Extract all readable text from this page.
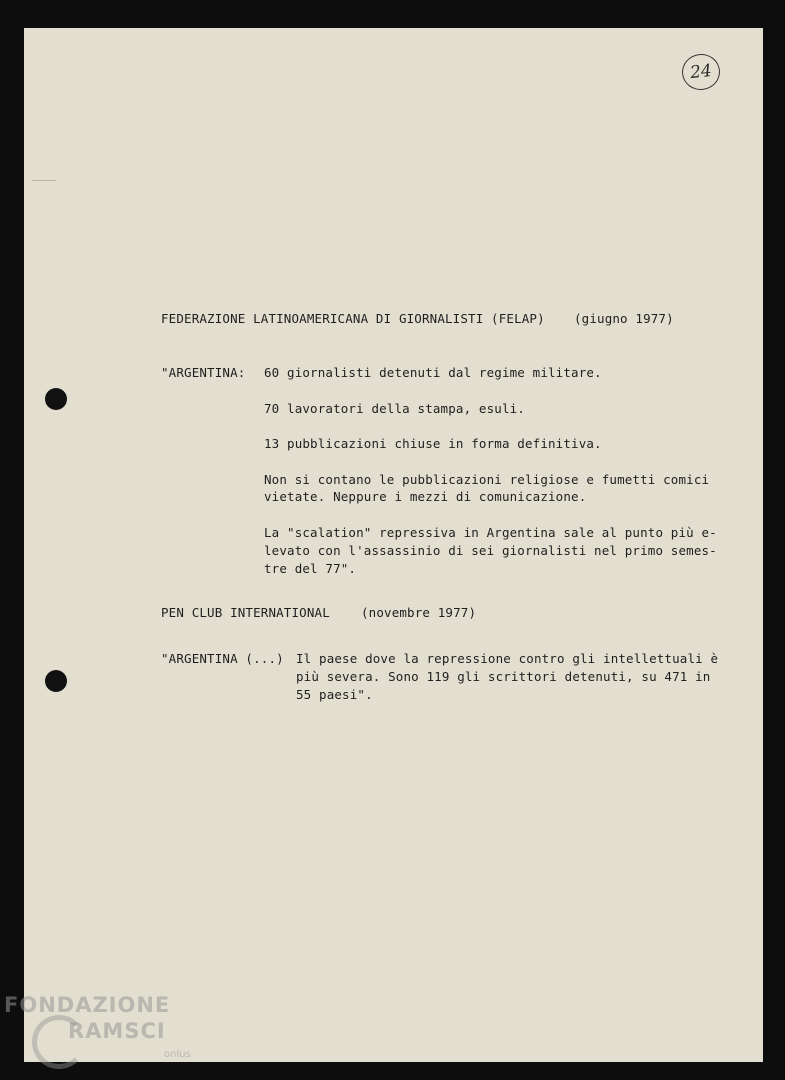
24
FEDERAZIONE LATINOAMERICANA DI GIORNALISTI (FELAP) (giugno 1977)
"ARGENTINA: 60 giornalisti detenuti dal regime militare.
70 lavoratori della stampa, esuli.
13 pubblicazioni chiuse in forma definitiva.
Non si contano le pubblicazioni religiose e fumetti comici
vietate. Neppure i mezzi di comunicazione.
La "scalation" repressiva in Argentina sale al punto più e-
levato con l'assassinio di sei giornalisti nel primo semes-
tre del 77".
PEN CLUB INTERNATIONAL (novembre 1977)
"ARGENTINA (...) Il paese dove la repressione contro gli intellettuali è
più severa. Sono 119 gli scrittori detenuti, su 471 in
55 paesi".
FONDAZIONE
RAMSCI
onlus
